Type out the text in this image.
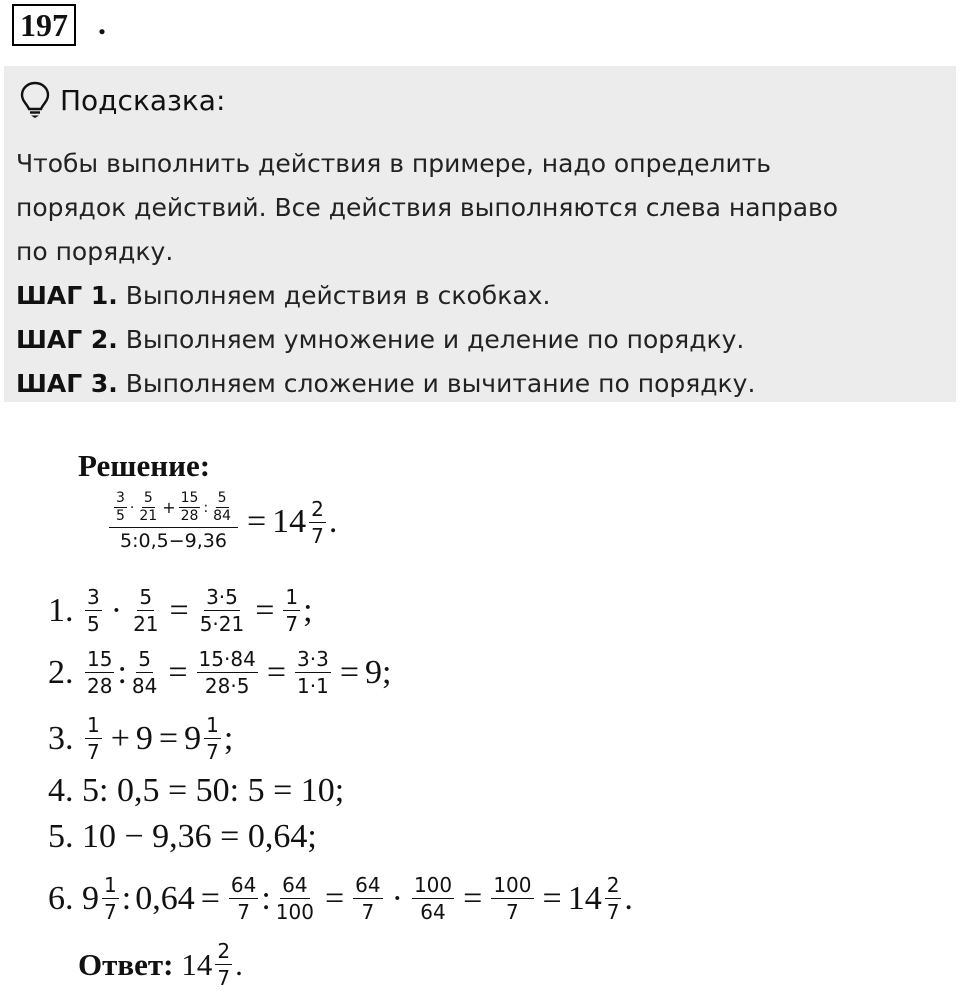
197 .
Подсказка:
Чтобы выполнить действия в примере, надо определить
порядок действий. Все действия выполняются слева направо
по порядку.
ШАГ 1. Выполняем действия в скобках.
ШАГ 2. Выполняем умножение и деление по порядку.
ШАГ 3. Выполняем сложение и вычитание по порядку.
Решение:
$\frac{\frac{3}{5} \cdot \frac{5}{21} + \frac{15}{28} : \frac{5}{84}}{5:0,5-9,36} = 14 \frac{2}{7}$ .
1. $\frac{3}{5} \cdot \frac{5}{21} = \frac{3\cdot 5}{5\cdot 21} = \frac{1}{7}$ ;
2. $\frac{15}{28}$ : $\frac{5}{84} = \frac{15\cdot 84}{28\cdot 5} = \frac{3\cdot 3}{1\cdot 1} = 9$ ;
3. $\frac{1}{7} + 9 = 9 \frac{1}{7}$ ;
4. 5: 0,5 = 50: 5 = 10;
5. 10 − 9,36 = 0,64;
6. $9 \frac{1}{7}$ : $0,64 = \frac{64}{7}$ : $\frac{64}{100} = \frac{64}{7} \cdot \frac{100}{64} = \frac{100}{7} = 14 \frac{2}{7}$ .
Ответ: $14 \frac{2}{7}$ .
